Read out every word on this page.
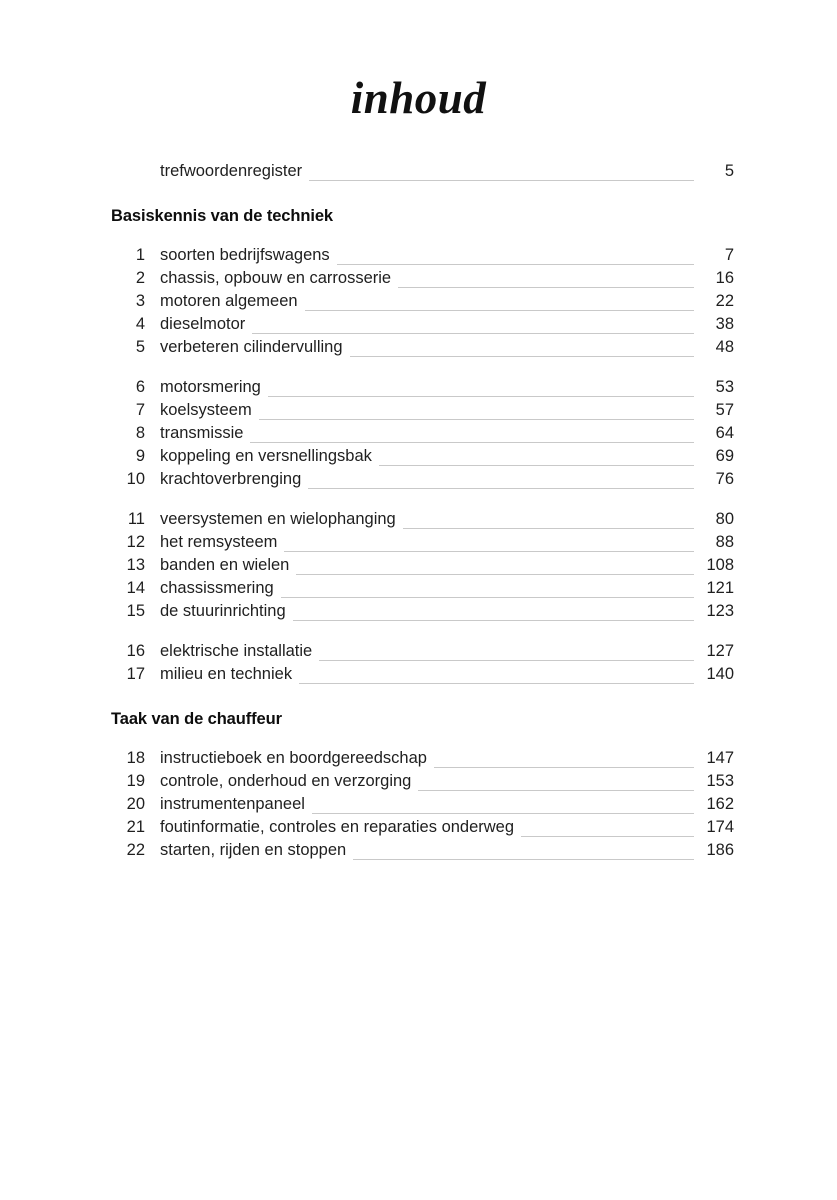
inhoud
trefwoordenregister	5
Basiskennis van de techniek
1 soorten bedrijfswagens	7
2 chassis, opbouw en carrosserie	16
3 motoren algemeen	22
4 dieselmotor	38
5 verbeteren cilindervulling	48
6 motorsmering	53
7 koelsysteem	57
8 transmissie	64
9 koppeling en versnellingsbak	69
10 krachtoverbrenging	76
11 veersystemen en wielophanging	80
12 het remsysteem	88
13 banden en wielen	108
14 chassissmering	121
15 de stuurinrichting	123
16 elektrische installatie	127
17 milieu en techniek	140
Taak van de chauffeur
18 instructieboek en boordgereedschap	147
19 controle, onderhoud en verzorging	153
20 instrumentenpaneel	162
21 foutinformatie, controles en reparaties onderweg	174
22 starten, rijden en stoppen	186
